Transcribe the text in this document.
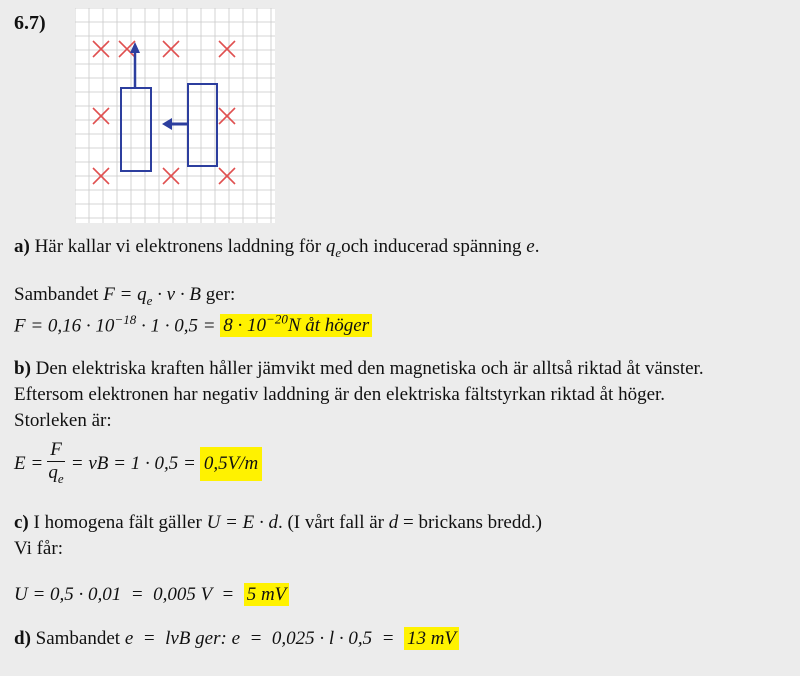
6.7)
a) Här kallar vi elektronens laddning för $q_eoch$ inducerad spänning e.
Sambandet $F = q_e \cdot v \cdot B$ ger:
$F = 0,16 \cdot 10^{-18} \cdot 1 \cdot 0,5 = 8 \cdot 10^{-20}N$ åt höger
b) Den elektriska kraften håller jämvikt med den magnetiska och är alltså riktad åt vänster.
Eftersom elektronen har negativ laddning är den elektriska fältstyrkan riktad åt höger.
Storleken är:
$E = \frac{F}{q_e}$ = vB = 1 · 0,5 = 0,5V/m
c) I homogena fält gäller U = E · d. (I vårt fall är d = brickans bredd.)
Vi får:
U = 0,5 · 0,01  =  0,005 V  =  5 mV
d) Sambandet e  =  lvB ger: e  =  0,025 · l · 0,5  =  13 mV
